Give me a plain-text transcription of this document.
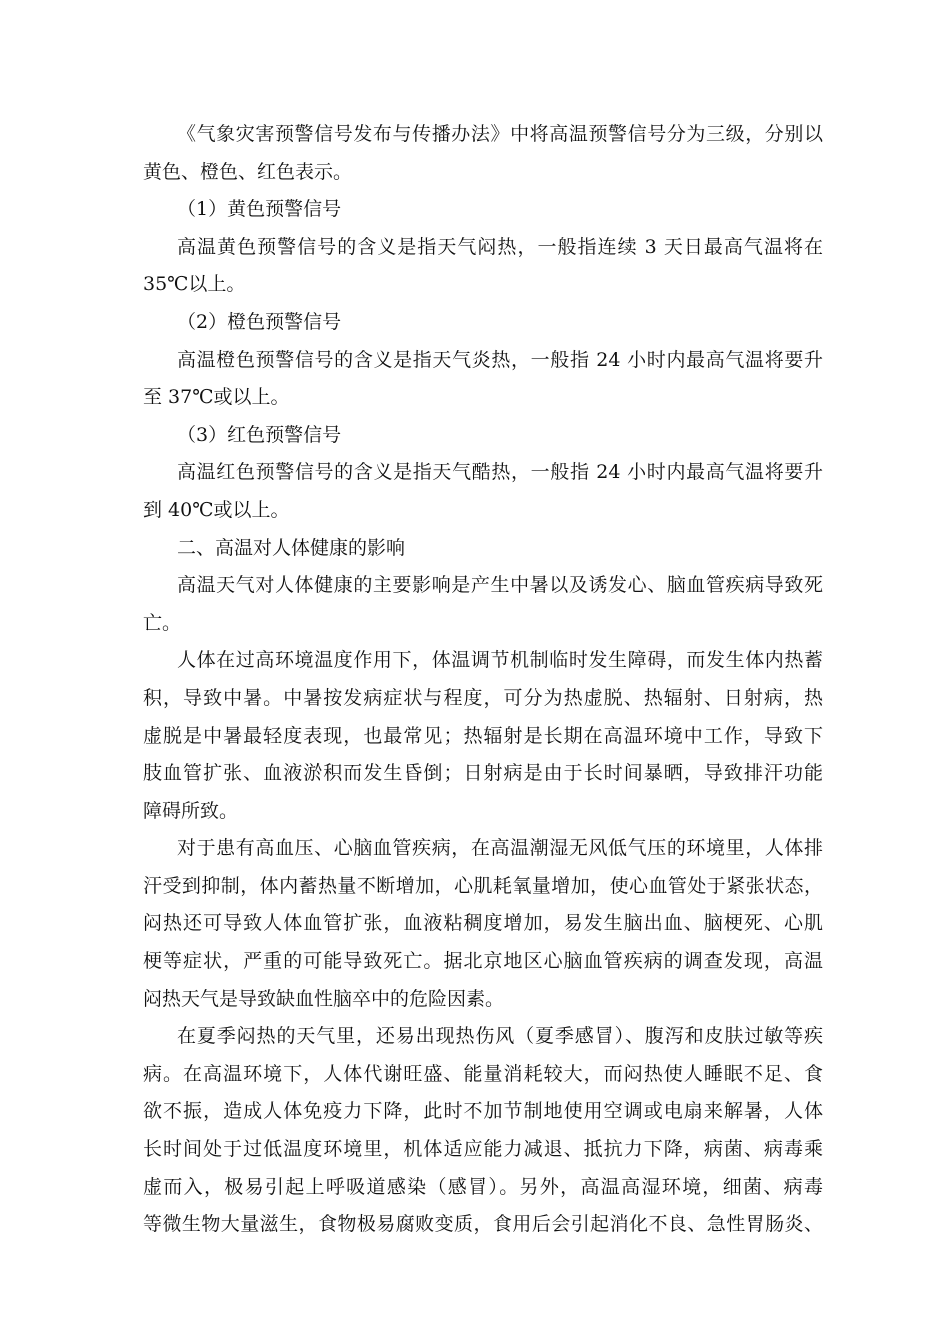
《气象灾害预警信号发布与传播办法》中将高温预警信号分为三级，分别以
黄色、橙色、红色表示。
（1）黄色预警信号
高温黄色预警信号的含义是指天气闷热，一般指连续 3 天日最高气温将在
35℃以上。
（2）橙色预警信号
高温橙色预警信号的含义是指天气炎热，一般指 24 小时内最高气温将要升
至 37℃或以上。
（3）红色预警信号
高温红色预警信号的含义是指天气酷热，一般指 24 小时内最高气温将要升
到 40℃或以上。
二、高温对人体健康的影响
高温天气对人体健康的主要影响是产生中暑以及诱发心、脑血管疾病导致死
亡。
人体在过高环境温度作用下，体温调节机制临时发生障碍，而发生体内热蓄
积，导致中暑。中暑按发病症状与程度，可分为热虚脱、热辐射、日射病，热
虚脱是中暑最轻度表现，也最常见；热辐射是长期在高温环境中工作，导致下
肢血管扩张、血液淤积而发生昏倒；日射病是由于长时间暴晒，导致排汗功能
障碍所致。
对于患有高血压、心脑血管疾病，在高温潮湿无风低气压的环境里，人体排
汗受到抑制，体内蓄热量不断增加，心肌耗氧量增加，使心血管处于紧张状态，
闷热还可导致人体血管扩张，血液粘稠度增加，易发生脑出血、脑梗死、心肌
梗等症状，严重的可能导致死亡。据北京地区心脑血管疾病的调查发现，高温
闷热天气是导致缺血性脑卒中的危险因素。
在夏季闷热的天气里，还易出现热伤风（夏季感冒）、腹泻和皮肤过敏等疾
病。在高温环境下，人体代谢旺盛、能量消耗较大，而闷热使人睡眠不足、食
欲不振，造成人体免疫力下降，此时不加节制地使用空调或电扇来解暑，人体
长时间处于过低温度环境里，机体适应能力减退、抵抗力下降，病菌、病毒乘
虚而入，极易引起上呼吸道感染（感冒）。另外，高温高湿环境，细菌、病毒
等微生物大量滋生，食物极易腐败变质，食用后会引起消化不良、急性胃肠炎、
